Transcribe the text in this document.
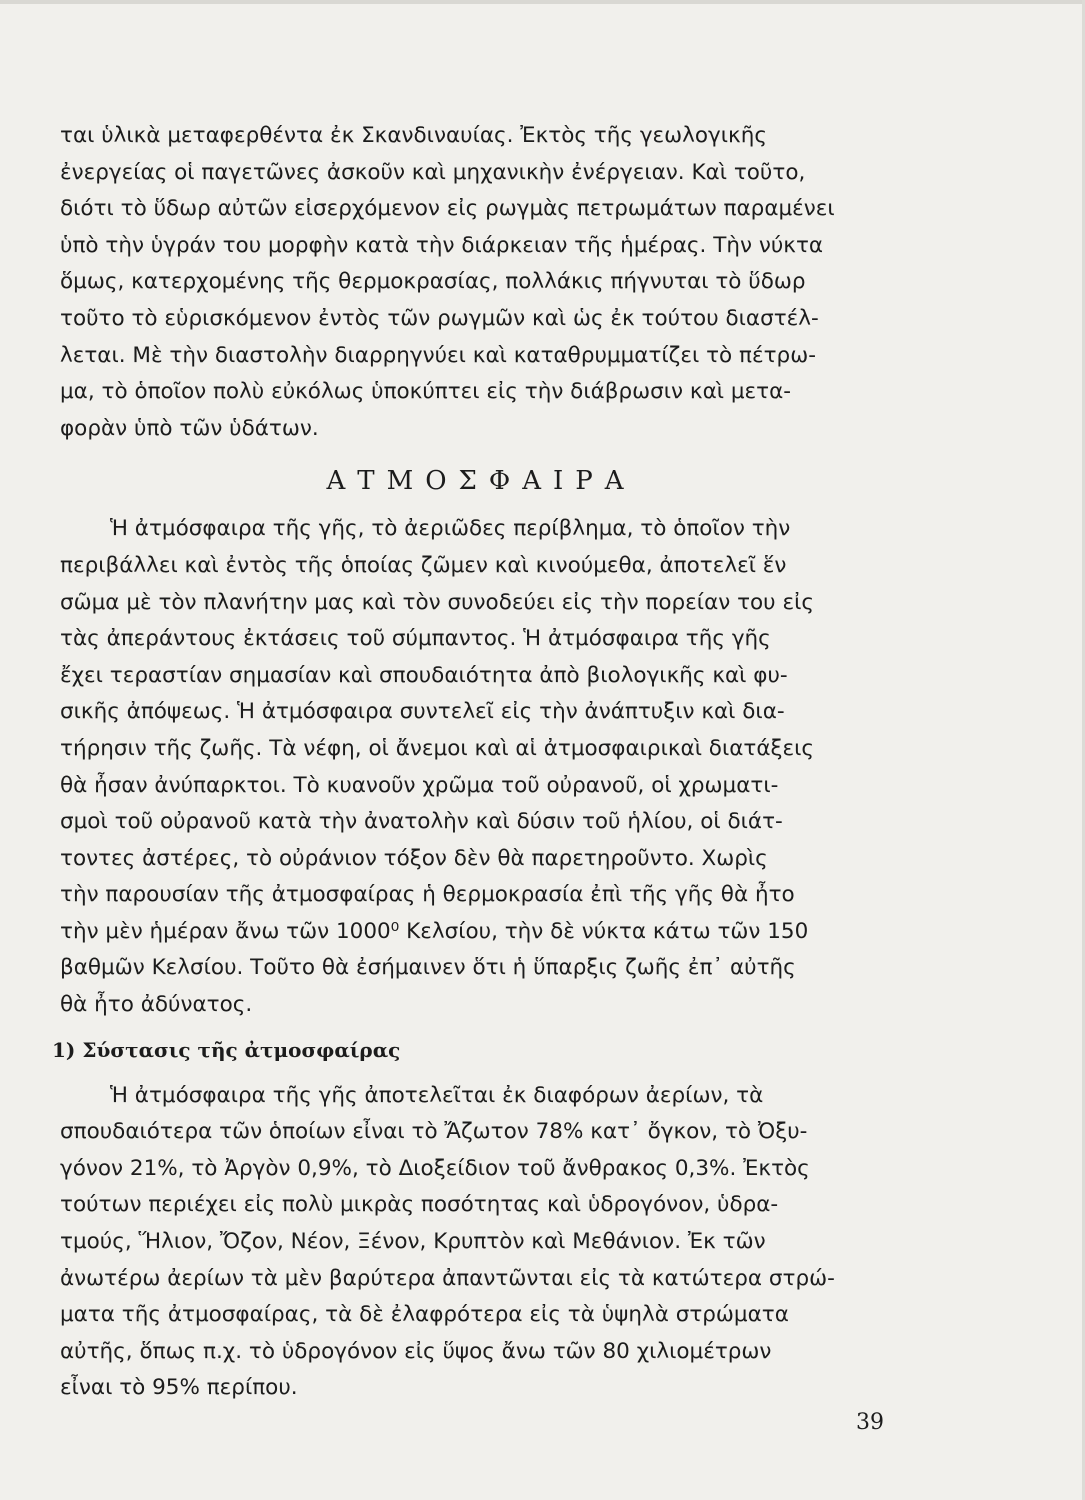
ται ὑλικὰ μεταφερθέντα ἐκ Σκανδιναυίας. Ἐκτὸς τῆς γεωλογικῆς
ἐνεργείας οἱ παγετῶνες ἀσκοῦν καὶ μηχανικὴν ἐνέργειαν. Καὶ τοῦτο,
διότι τὸ ὕδωρ αὐτῶν εἰσερχόμενον εἰς ρωγμὰς πετρωμάτων παραμένει
ὑπὸ τὴν ὑγράν του μορφὴν κατὰ τὴν διάρκειαν τῆς ἡμέρας. Τὴν νύκτα
ὅμως, κατερχομένης τῆς θερμοκρασίας, πολλάκις πήγνυται τὸ ὕδωρ
τοῦτο τὸ εὑρισκόμενον ἐντὸς τῶν ρωγμῶν καὶ ὡς ἐκ τούτου διαστέλ-
λεται. Μὲ τὴν διαστολὴν διαρρηγνύει καὶ καταθρυμματίζει τὸ πέτρω-
μα, τὸ ὁποῖον πολὺ εὐκόλως ὑποκύπτει εἰς τὴν διάβρωσιν καὶ μετα-
φορὰν ὑπὸ τῶν ὑδάτων.
ΑΤΜΟΣΦΑΙΡΑ
Ἡ ἀτμόσφαιρα τῆς γῆς, τὸ ἀεριῶδες περίβλημα, τὸ ὁποῖον τὴν
περιβάλλει καὶ ἐντὸς τῆς ὁποίας ζῶμεν καὶ κινούμεθα, ἀποτελεῖ ἕν
σῶμα μὲ τὸν πλανήτην μας καὶ τὸν συνοδεύει εἰς τὴν πορείαν του εἰς
τὰς ἀπεράντους ἐκτάσεις τοῦ σύμπαντος. Ἡ ἀτμόσφαιρα τῆς γῆς
ἔχει τεραστίαν σημασίαν καὶ σπουδαιότητα ἀπὸ βιολογικῆς καὶ φυ-
σικῆς ἀπόψεως. Ἡ ἀτμόσφαιρα συντελεῖ εἰς τὴν ἀνάπτυξιν καὶ δια-
τήρησιν τῆς ζωῆς. Τὰ νέφη, οἱ ἄνεμοι καὶ αἱ ἀτμοσφαιρικαὶ διατάξεις
θὰ ἦσαν ἀνύπαρκτοι. Τὸ κυανοῦν χρῶμα τοῦ οὐρανοῦ, οἱ χρωματι-
σμοὶ τοῦ οὐρανοῦ κατὰ τὴν ἀνατολὴν καὶ δύσιν τοῦ ἡλίου, οἱ διάτ-
τοντες ἀστέρες, τὸ οὐράνιον τόξον δὲν θὰ παρετηροῦντο. Χωρὶς
τὴν παρουσίαν τῆς ἀτμοσφαίρας ἡ θερμοκρασία ἐπὶ τῆς γῆς θὰ ἦτο
τὴν μὲν ἡμέραν ἄνω τῶν 1000⁰ Κελσίου, τὴν δὲ νύκτα κάτω τῶν 150
βαθμῶν Κελσίου. Τοῦτο θὰ ἐσήμαινεν ὅτι ἡ ὕπαρξις ζωῆς ἐπ᾽ αὐτῆς
θὰ ἦτο ἀδύνατος.
1) Σύστασις τῆς ἀτμοσφαίρας
Ἡ ἀτμόσφαιρα τῆς γῆς ἀποτελεῖται ἐκ διαφόρων ἀερίων, τὰ
σπουδαιότερα τῶν ὁποίων εἶναι τὸ Ἄζωτον 78% κατ᾽ ὄγκον, τὸ Ὀξυ-
γόνον 21%, τὸ Ἀργὸν 0,9%, τὸ Διοξείδιον τοῦ ἄνθρακος 0,3%. Ἐκτὸς
τούτων περιέχει εἰς πολὺ μικρὰς ποσότητας καὶ ὑδρογόνον, ὑδρα-
τμούς, Ἥλιον, Ὄζον, Νέον, Ξένον, Κρυπτὸν καὶ Μεθάνιον. Ἐκ τῶν
ἀνωτέρω ἀερίων τὰ μὲν βαρύτερα ἀπαντῶνται εἰς τὰ κατώτερα στρώ-
ματα τῆς ἀτμοσφαίρας, τὰ δὲ ἐλαφρότερα εἰς τὰ ὑψηλὰ στρώματα
αὐτῆς, ὅπως π.χ. τὸ ὑδρογόνον εἰς ὕψος ἄνω τῶν 80 χιλιομέτρων
εἶναι τὸ 95% περίπου.
39
